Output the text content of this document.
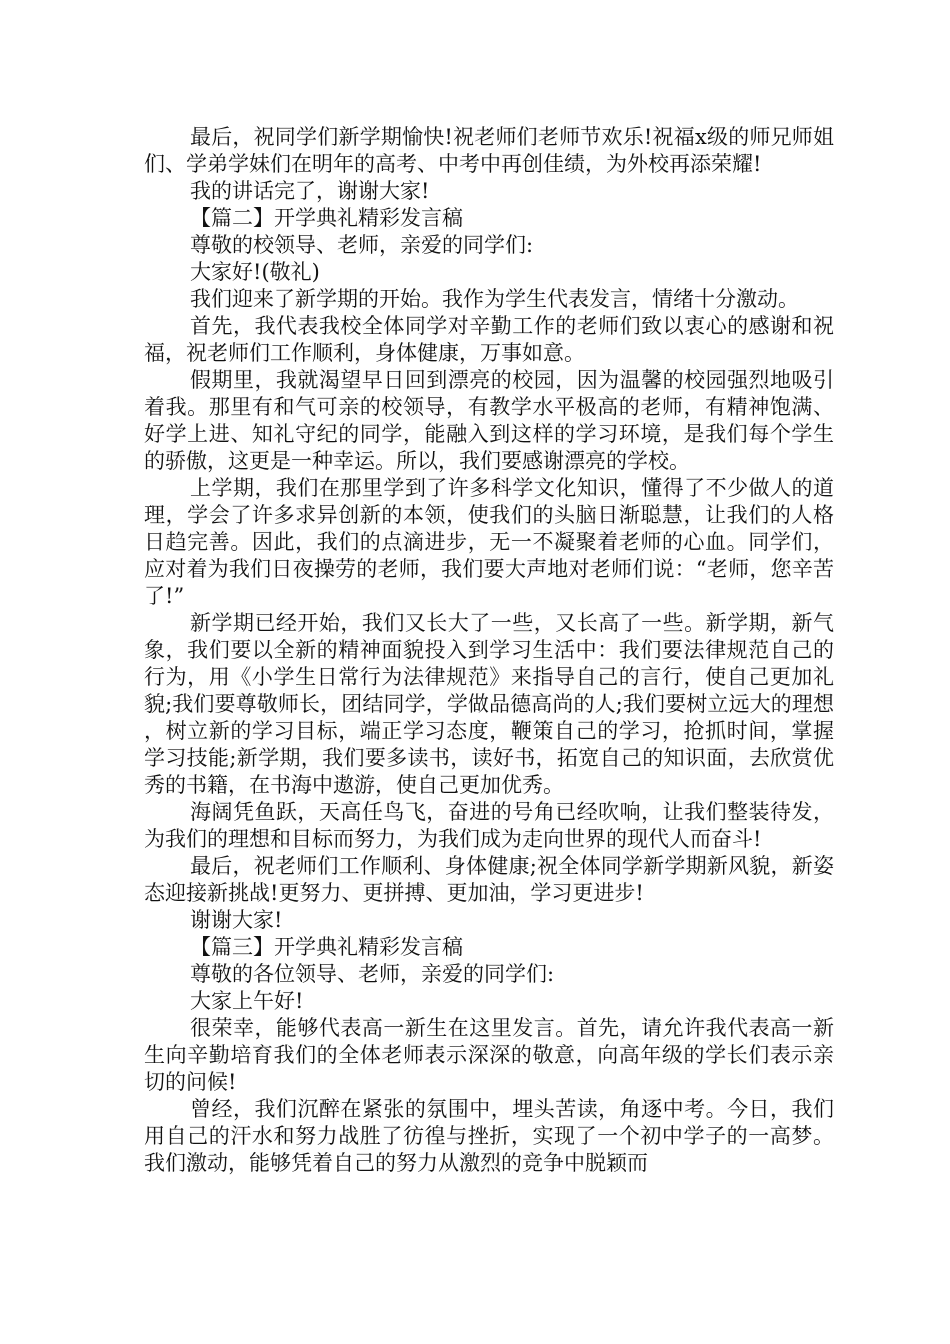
最后，祝同学们新学期愉快!祝老师们老师节欢乐!祝福x级的师兄师姐们、学弟学妹们在明年的高考、中考中再创佳绩，为外校再添荣耀!

我的讲话完了，谢谢大家!

【篇二】开学典礼精彩发言稿

尊敬的校领导、老师，亲爱的同学们:

大家好!(敬礼)

我们迎来了新学期的开始。我作为学生代表发言，情绪十分激动。

首先，我代表我校全体同学对辛勤工作的老师们致以衷心的感谢和祝福，祝老师们工作顺利，身体健康，万事如意。

假期里，我就渴望早日回到漂亮的校园，因为温馨的校园强烈地吸引着我。那里有和气可亲的校领导，有教学水平极高的老师，有精神饱满、好学上进、知礼守纪的同学，能融入到这样的学习环境，是我们每个学生的骄傲，这更是一种幸运。所以，我们要感谢漂亮的学校。

上学期，我们在那里学到了许多科学文化知识，懂得了不少做人的道理，学会了许多求异创新的本领，使我们的头脑日渐聪慧，让我们的人格日趋完善。因此，我们的点滴进步，无一不凝聚着老师的心血。同学们，应对着为我们日夜操劳的老师，我们要大声地对老师们说：“老师，您辛苦了!”

新学期已经开始，我们又长大了一些，又长高了一些。新学期，新气象，我们要以全新的精神面貌投入到学习生活中：我们要法律规范自己的行为，用《小学生日常行为法律规范》来指导自己的言行，使自己更加礼貌;我们要尊敬师长，团结同学，学做品德高尚的人;我们要树立远大的理想，树立新的学习目标，端正学习态度，鞭策自己的学习，抢抓时间，掌握学习技能;新学期，我们要多读书，读好书，拓宽自己的知识面，去欣赏优秀的书籍，在书海中遨游，使自己更加优秀。

海阔凭鱼跃，天高任鸟飞，奋进的号角已经吹响，让我们整装待发，为我们的理想和目标而努力，为我们成为走向世界的现代人而奋斗!

最后，祝老师们工作顺利、身体健康;祝全体同学新学期新风貌，新姿态迎接新挑战!更努力、更拼搏、更加油，学习更进步!

谢谢大家!

【篇三】开学典礼精彩发言稿

尊敬的各位领导、老师，亲爱的同学们:

大家上午好!

很荣幸，能够代表高一新生在这里发言。首先，请允许我代表高一新生向辛勤培育我们的全体老师表示深深的敬意，向高年级的学长们表示亲切的问候!

曾经，我们沉醉在紧张的氛围中，埋头苦读，角逐中考。今日，我们用自己的汗水和努力战胜了彷徨与挫折，实现了一个初中学子的一高梦。我们激动，能够凭着自己的努力从激烈的竞争中脱颖而
